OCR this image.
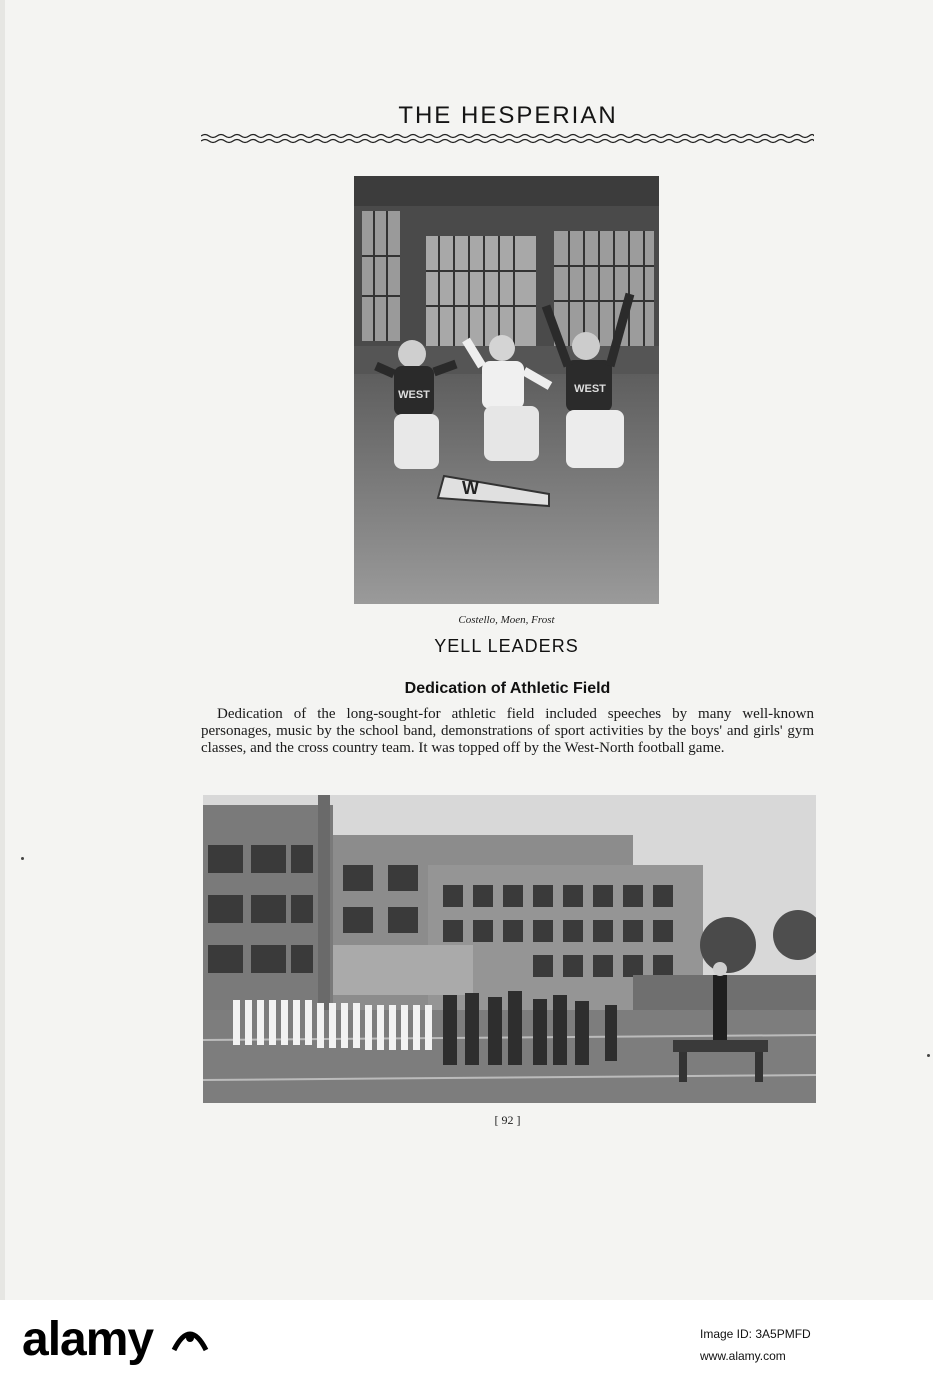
THE HESPERIAN
WEST	WEST
W
Costello, Moen, Frost
YELL LEADERS
Dedication of Athletic Field
Dedication of the long-sought-for athletic field included speeches by many well-known personages, music by the school band, demonstrations of sport activities by the boys' and girls' gym classes, and the cross country team. It was topped off by the West-North football game.
[ 92 ]
alamy	Image ID: 3A5PMFD
www.alamy.com
